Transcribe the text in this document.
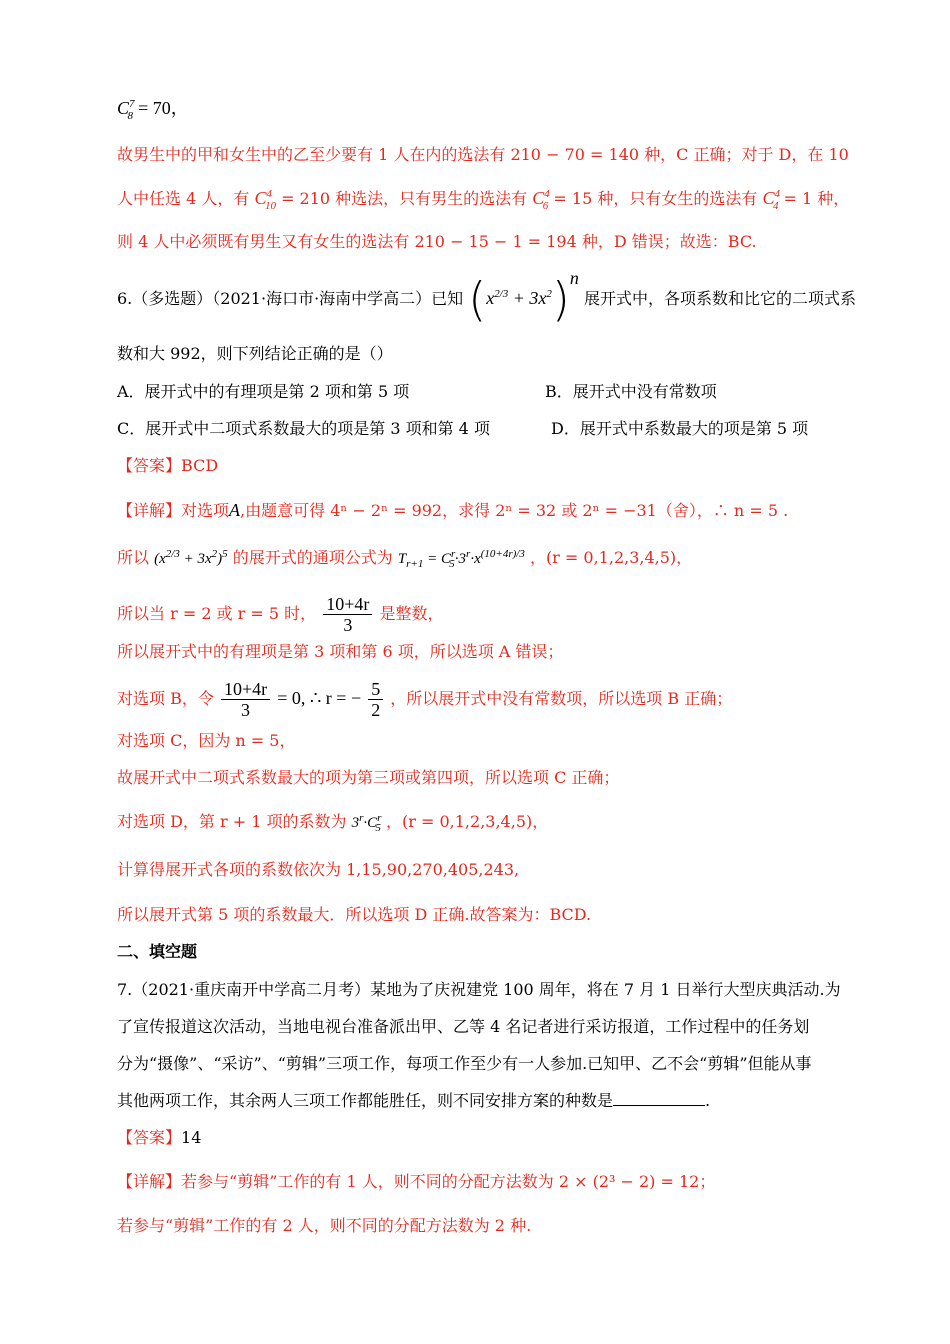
$C^7_8 = 70$，
故男生中的甲和女生中的乙至少要有 1 人在内的选法有 210 − 70 = 140 种，C 正确；对于 D，在 10
人中任选 4 人，有 $C^4_{10} = 210$ 种选法，只有男生的选法有 $C^4_6 = 15$ 种，只有女生的选法有 $C^4_4 = 1$ 种，
则 4 人中必须既有男生又有女生的选法有 210 − 15 − 1 = 194 种，D 错误；故选：BC.
6.（多选题）（2021·海口市·海南中学高二）已知 $(x^{2/3} + 3x^2)^n$ 展开式中，各项系数和比它的二项式系
数和大 992，则下列结论正确的是（）
A．展开式中的有理项是第 2 项和第 5 项	B．展开式中没有常数项
C．展开式中二项式系数最大的项是第 3 项和第 4 项	D．展开式中系数最大的项是第 5 项
【答案】BCD
【详解】对选项A,由题意可得 4ⁿ − 2ⁿ = 992，求得 2ⁿ = 32 或 2ⁿ = −31（舍），∴ n = 5 .
所以 $(x^{2/3} + 3x^2)^5$ 的展开式的通项公式为 $T_{r+1} = C^r_5\cdot 3^r\cdot x^{(10+4r)/3}$ ，(r = 0,1,2,3,4,5)，
所以当 r = 2 或 r = 5 时， $\frac{10+4r}{3}$ 是整数，
所以展开式中的有理项是第 3 项和第 6 项，所以选项 A 错误；
对选项 B，令 $\frac{10+4r}{3} = 0$, ∴ r = − $\frac{5}{2}$ ，所以展开式中没有常数项，所以选项 B 正确；
对选项 C，因为 n = 5，
故展开式中二项式系数最大的项为第三项或第四项，所以选项 C 正确；
对选项 D，第 r + 1 项的系数为 $3^r\cdot C^r_5$ ，(r = 0,1,2,3,4,5)，
计算得展开式各项的系数依次为 1,15,90,270,405,243,
所以展开式第 5 项的系数最大．所以选项 D 正确.故答案为：BCD.
二、填空题
7.（2021·重庆南开中学高二月考）某地为了庆祝建党 100 周年，将在 7 月 1 日举行大型庆典活动.为
了宣传报道这次活动，当地电视台准备派出甲、乙等 4 名记者进行采访报道，工作过程中的任务划
分为“摄像”、“采访”、“剪辑”三项工作，每项工作至少有一人参加.已知甲、乙不会“剪辑”但能从事
其他两项工作，其余两人三项工作都能胜任，则不同安排方案的种数是	.
【答案】14
【详解】若参与“剪辑”工作的有 1 人，则不同的分配方法数为 2 × (2³ − 2) = 12；
若参与“剪辑”工作的有 2 人，则不同的分配方法数为 2 种.
